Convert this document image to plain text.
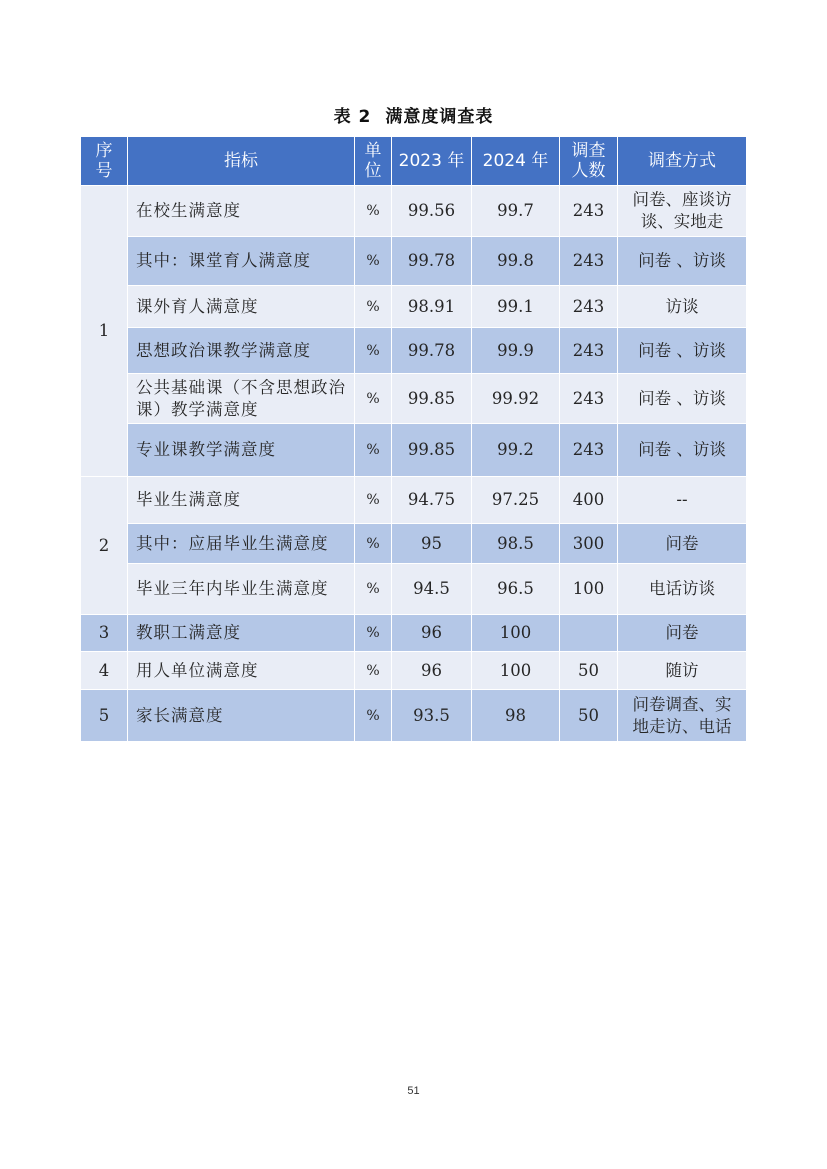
表 2 满意度调查表
序号	指标	单位	2023 年	2024 年	调查人数	调查方式
1	在校生满意度	%	99.56	99.7	243	问卷、座谈访谈、实地走
	其中：课堂育人满意度	%	99.78	99.8	243	问卷 、访谈
	课外育人满意度	%	98.91	99.1	243	访谈
	思想政治课教学满意度	%	99.78	99.9	243	问卷 、访谈
	公共基础课（不含思想政治课）教学满意度	%	99.85	99.92	243	问卷 、访谈
	专业课教学满意度	%	99.85	99.2	243	问卷 、访谈
2	毕业生满意度	%	94.75	97.25	400	--
	其中：应届毕业生满意度	%	95	98.5	300	问卷
	毕业三年内毕业生满意度	%	94.5	96.5	100	电话访谈
3	教职工满意度	%	96	100		问卷
4	用人单位满意度	%	96	100	50	随访
5	家长满意度	%	93.5	98	50	问卷调查、实地走访、电话
51
